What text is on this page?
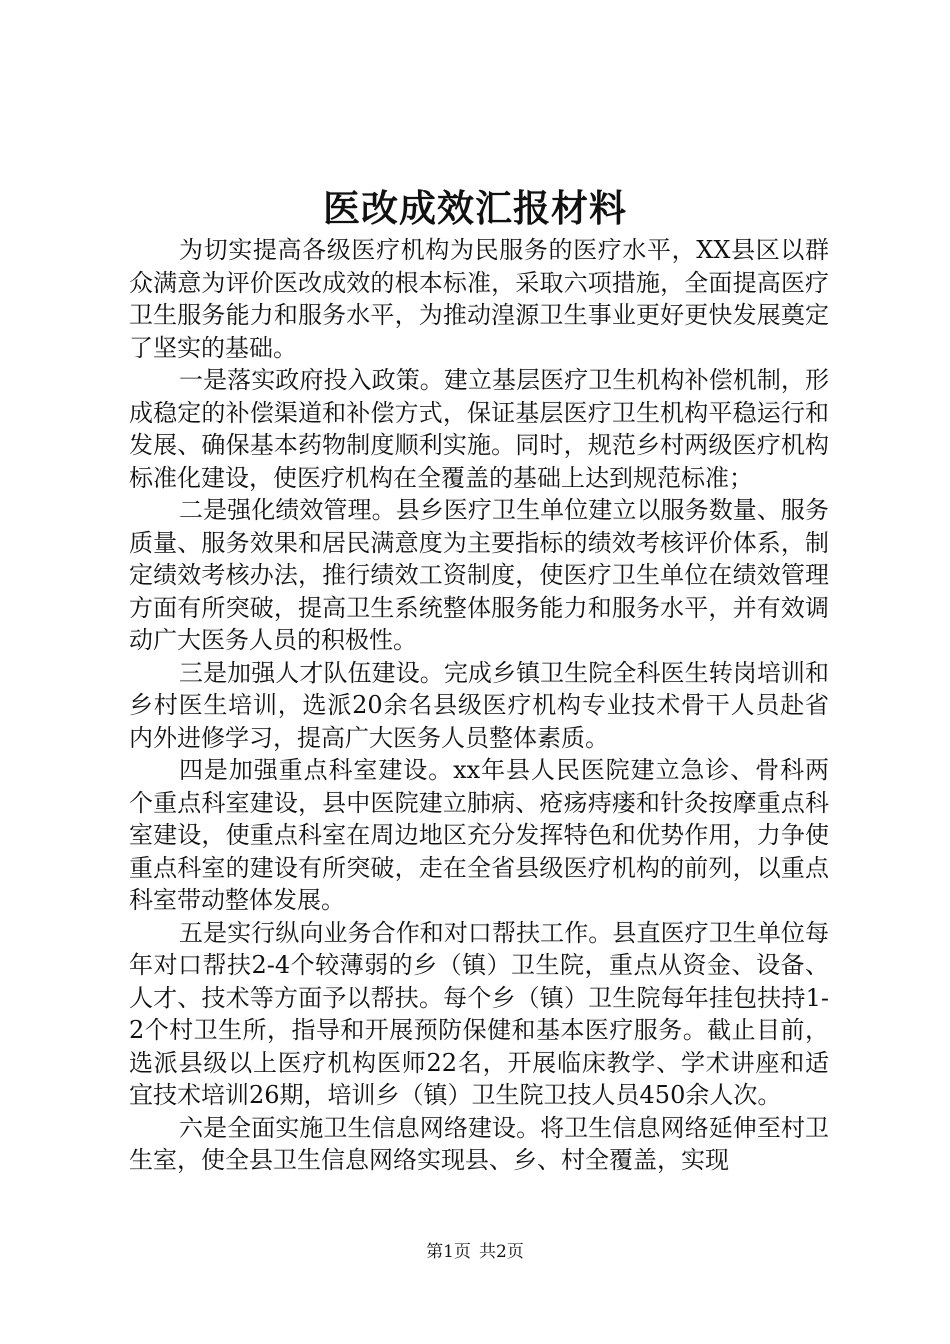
医改成效汇报材料

为切实提高各级医疗机构为民服务的医疗水平，XX县区以群众满意为评价医改成效的根本标准，采取六项措施，全面提高医疗卫生服务能力和服务水平，为推动湟源卫生事业更好更快发展奠定了坚实的基础。

一是落实政府投入政策。建立基层医疗卫生机构补偿机制，形成稳定的补偿渠道和补偿方式，保证基层医疗卫生机构平稳运行和发展、确保基本药物制度顺利实施。同时，规范乡村两级医疗机构标准化建设，使医疗机构在全覆盖的基础上达到规范标准；

二是强化绩效管理。县乡医疗卫生单位建立以服务数量、服务质量、服务效果和居民满意度为主要指标的绩效考核评价体系，制定绩效考核办法，推行绩效工资制度，使医疗卫生单位在绩效管理方面有所突破，提高卫生系统整体服务能力和服务水平，并有效调动广大医务人员的积极性。

三是加强人才队伍建设。完成乡镇卫生院全科医生转岗培训和乡村医生培训，选派20余名县级医疗机构专业技术骨干人员赴省内外进修学习，提高广大医务人员整体素质。

四是加强重点科室建设。xx年县人民医院建立急诊、骨科两个重点科室建设，县中医院建立肺病、疮疡痔瘘和针灸按摩重点科室建设，使重点科室在周边地区充分发挥特色和优势作用，力争使重点科室的建设有所突破，走在全省县级医疗机构的前列，以重点科室带动整体发展。

五是实行纵向业务合作和对口帮扶工作。县直医疗卫生单位每年对口帮扶2-4个较薄弱的乡（镇）卫生院，重点从资金、设备、人才、技术等方面予以帮扶。每个乡（镇）卫生院每年挂包扶持1-2个村卫生所，指导和开展预防保健和基本医疗服务。截止目前，选派县级以上医疗机构医师22名，开展临床教学、学术讲座和适宜技术培训26期，培训乡（镇）卫生院卫技人员450余人次。

六是全面实施卫生信息网络建设。将卫生信息网络延伸至村卫生室，使全县卫生信息网络实现县、乡、村全覆盖，实现

第1页 共2页
